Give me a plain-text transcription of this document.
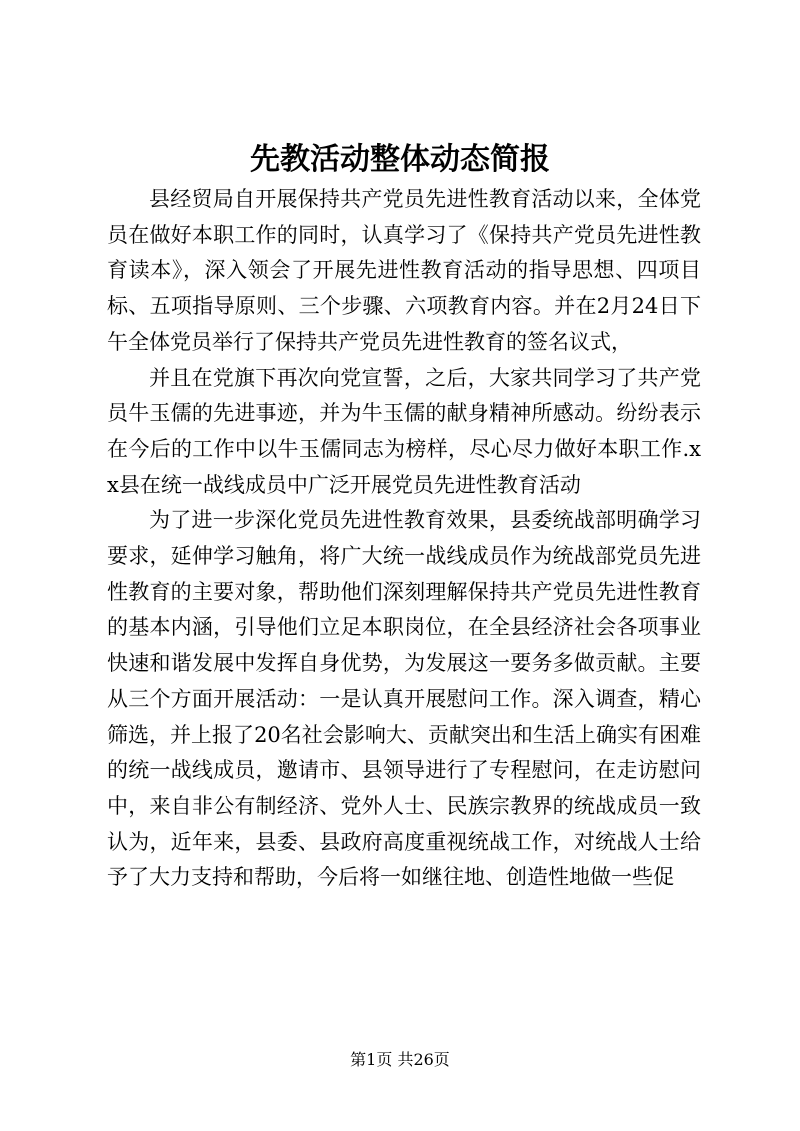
先教活动整体动态简报

县经贸局自开展保持共产党员先进性教育活动以来，全体党员在做好本职工作的同时，认真学习了《保持共产党员先进性教育读本》，深入领会了开展先进性教育活动的指导思想、四项目标、五项指导原则、三个步骤、六项教育内容。并在2月24日下午全体党员举行了保持共产党员先进性教育的签名议式，

并且在党旗下再次向党宣誓，之后，大家共同学习了共产党员牛玉儒的先进事迹，并为牛玉儒的献身精神所感动。纷纷表示在今后的工作中以牛玉儒同志为榜样，尽心尽力做好本职工作.xx县在统一战线成员中广泛开展党员先进性教育活动

为了进一步深化党员先进性教育效果，县委统战部明确学习要求，延伸学习触角，将广大统一战线成员作为统战部党员先进性教育的主要对象，帮助他们深刻理解保持共产党员先进性教育的基本内涵，引导他们立足本职岗位，在全县经济社会各项事业快速和谐发展中发挥自身优势，为发展这一要务多做贡献。主要从三个方面开展活动：一是认真开展慰问工作。深入调查，精心筛选，并上报了20名社会影响大、贡献突出和生活上确实有困难的统一战线成员，邀请市、县领导进行了专程慰问，在走访慰问中，来自非公有制经济、党外人士、民族宗教界的统战成员一致认为，近年来，县委、县政府高度重视统战工作，对统战人士给予了大力支持和帮助，今后将一如继往地、创造性地做一些促

第1页 共26页
